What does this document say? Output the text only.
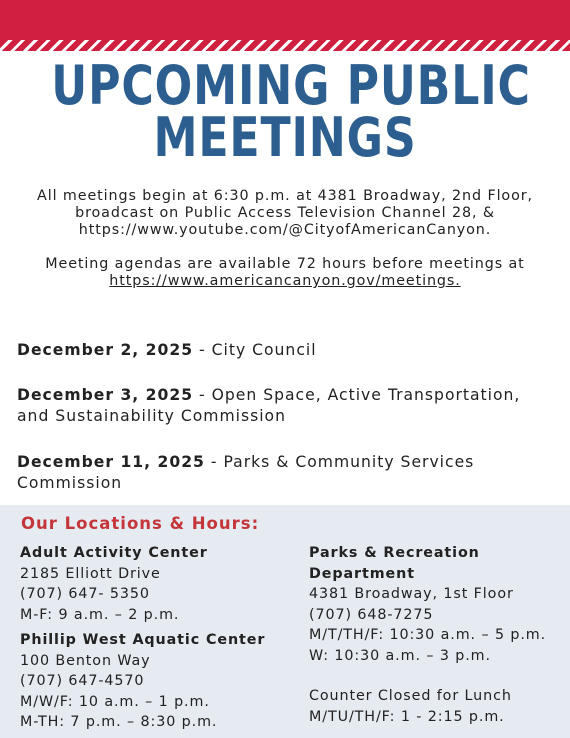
UPCOMING PUBLIC
MEETINGS

All meetings begin at 6:30 p.m. at 4381 Broadway, 2nd Floor,

broadcast on Public Access Television Channel 28, &

https://www.youtube.com/@CityofAmericanCanyon.

Meeting agendas are available 72 hours before meetings at

https://www.americancanyon.gov/meetings.

December 2, 2025 - City Council
December 3, 2025 - Open Space, Active Transportation,
and Sustainability Commission
December 11, 2025 - Parks & Community Services
Commission
Our Locations & Hours:
Adult Activity Center
2185 Elliott Drive
(707) 647- 5350
M-F: 9 a.m. – 2 p.m.
Phillip West Aquatic Center
100 Benton Way
(707) 647-4570
M/W/F: 10 a.m. – 1 p.m.
M-TH: 7 p.m. – 8:30 p.m.
Parks & Recreation
Department
4381 Broadway, 1st Floor
(707) 648-7275
M/T/TH/F: 10:30 a.m. – 5 p.m.
W: 10:30 a.m. – 3 p.m.
Counter Closed for Lunch
M/TU/TH/F: 1 - 2:15 p.m.
